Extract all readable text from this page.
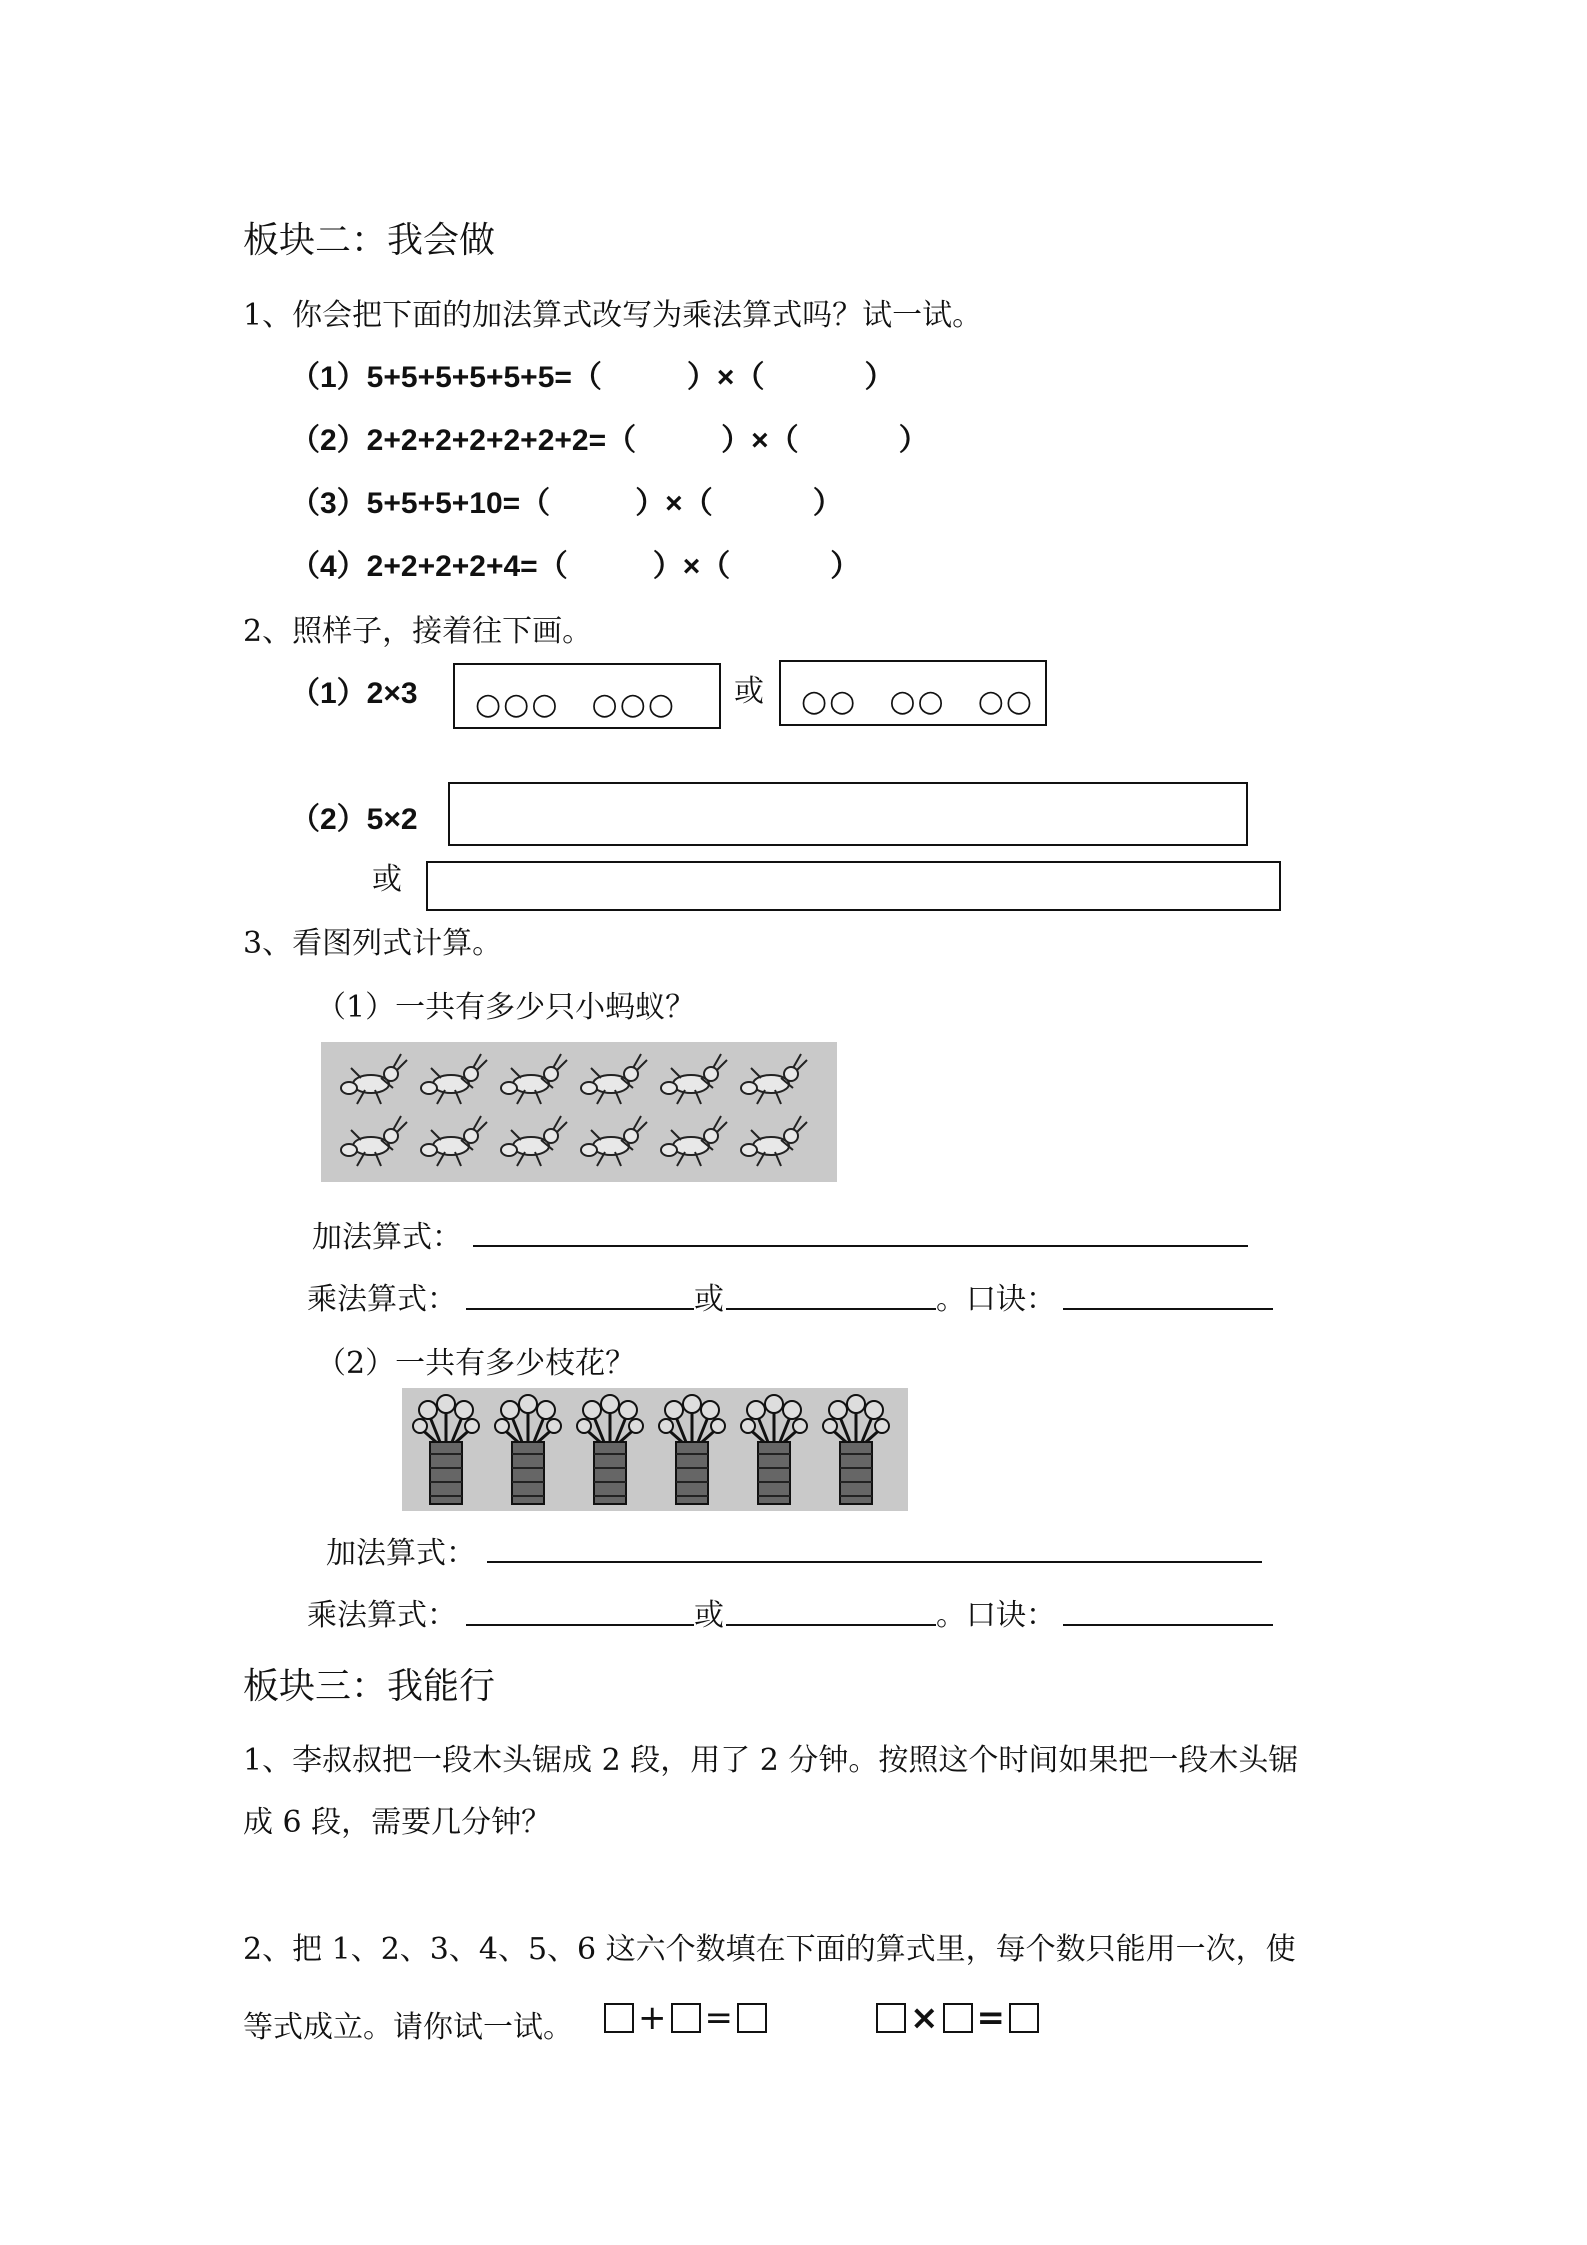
板块二：我会做
1、你会把下面的加法算式改写为乘法算式吗？试一试。
（1）5+5+5+5+5+5=（	）×（	）
（2）2+2+2+2+2+2+2=（	）×（	）
（3）5+5+5+10=（	）×（	）
（4）2+2+2+2+4=（	）×（	）
2、照样子，接着往下画。
（1）2×3 ○○○　○○○ 或 ○○　○○　○○
（2）5×2
或
3、看图列式计算。
（1）一共有多少只小蚂蚁？
加法算式：
乘法算式：	或	。口诀：
（2）一共有多少枝花？
加法算式：
乘法算式：	或	。口诀：
板块三：我能行
1、李叔叔把一段木头锯成 2 段，用了 2 分钟。按照这个时间如果把一段木头锯
成 6 段，需要几分钟？
2、把 1、2、3、4、5、6 这六个数填在下面的算式里，每个数只能用一次，使
等式成立。请你试一试。	+ =	× =
